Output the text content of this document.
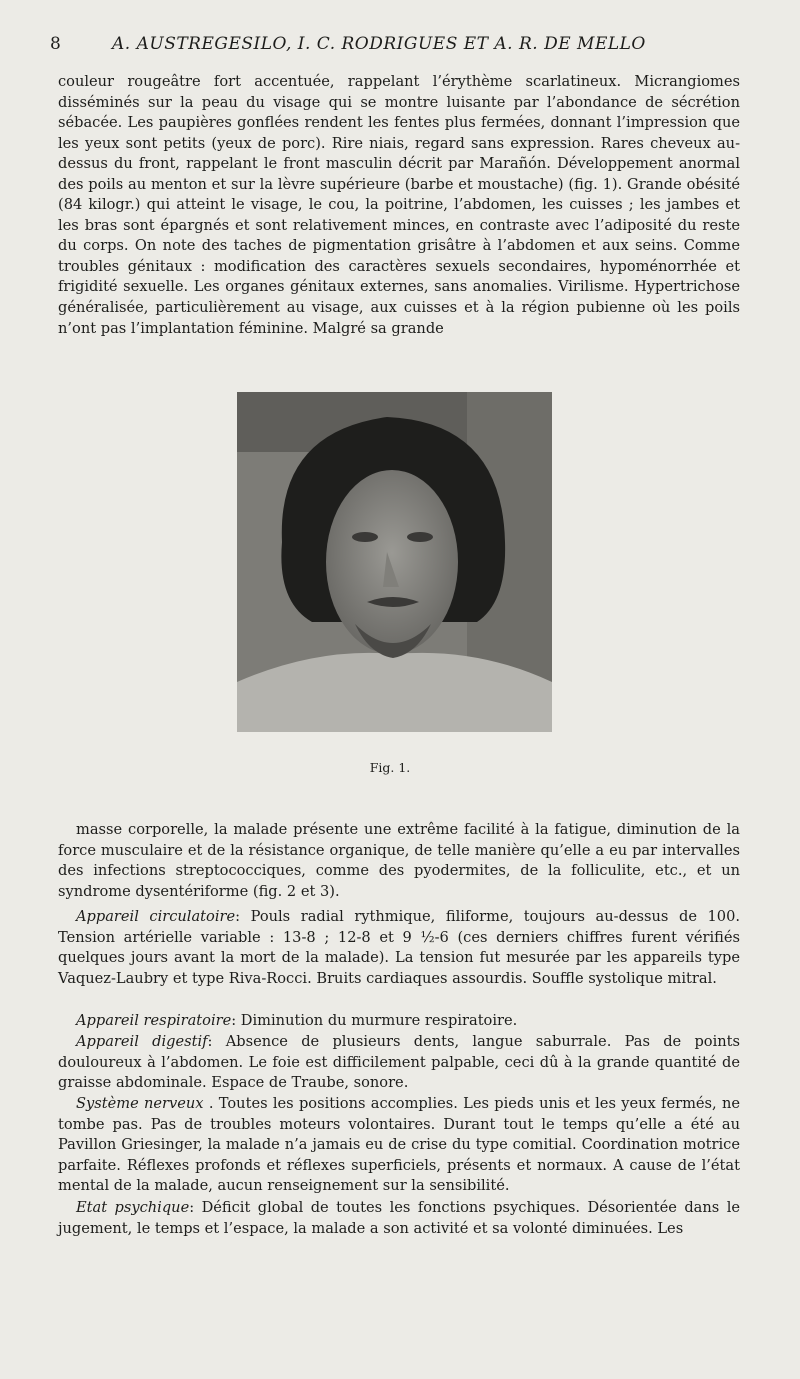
8	A. AUSTREGESILO, I. C. RODRIGUES ET A. R. DE MELLO

couleur rougeâtre fort accentuée, rappelant l’érythème scarlatineux. Micrangiomes disséminés sur la peau du visage qui se montre luisante par l’abondance de sécrétion sébacée. Les paupières gonflées rendent les fentes plus fermées, donnant l’impression que les yeux sont petits (yeux de porc). Rire niais, regard sans expression. Rares cheveux au-dessus du front, rappelant le front masculin décrit par Marañón. Développement anormal des poils au menton et sur la lèvre supérieure (barbe et moustache) (fig. 1). Grande obésité (84 kilogr.) qui atteint le visage, le cou, la poitrine, l’abdomen, les cuisses ; les jambes et les bras sont épargnés et sont relativement minces, en contraste avec l’adiposité du reste du corps. On note des taches de pigmentation grisâtre à l’abdomen et aux seins. Comme troubles génitaux : modification des caractères sexuels secondaires, hypoménorrhée et frigidité sexuelle. Les organes génitaux externes, sans anomalies. Virilisme. Hypertrichose généralisée, particulièrement au visage, aux cuisses et à la région pubienne où les poils n’ont pas l’implantation féminine. Malgré sa grande

Fig. 1.

masse corporelle, la malade présente une extrême facilité à la fatigue, diminution de la force musculaire et de la résistance organique, de telle manière qu’elle a eu par intervalles des infections streptococciques, comme des pyodermites, de la folliculite, etc., et un syndrome dysentériforme (fig. 2 et 3).

Appareil circulatoire: Pouls radial rythmique, filiforme, toujours au-dessus de 100. Tension artérielle variable : 13-8 ; 12-8 et 9 ½-6 (ces derniers chiffres furent vérifiés quelques jours avant la mort de la malade). La tension fut mesurée par les appareils type Vaquez-Laubry et type Riva-Rocci. Bruits cardiaques assourdis. Souffle systolique mitral.

Appareil respiratoire: Diminution du murmure respiratoire.

Appareil digestif: Absence de plusieurs dents, langue saburrale. Pas de points douloureux à l’abdomen. Le foie est difficilement palpable, ceci dû à la grande quantité de graisse abdominale. Espace de Traube, sonore.

Système nerveux . Toutes les positions accomplies. Les pieds unis et les yeux fermés, ne tombe pas. Pas de troubles moteurs volontaires. Durant tout le temps qu’elle a été au Pavillon Griesinger, la malade n’a jamais eu de crise du type comitial. Coordination motrice parfaite. Réflexes profonds et réflexes superficiels, présents et normaux. A cause de l’état mental de la malade, aucun renseignement sur la sensibilité.

Etat psychique: Déficit global de toutes les fonctions psychiques. Désorientée dans le jugement, le temps et l’espace, la malade a son activité et sa volonté diminuées. Les
